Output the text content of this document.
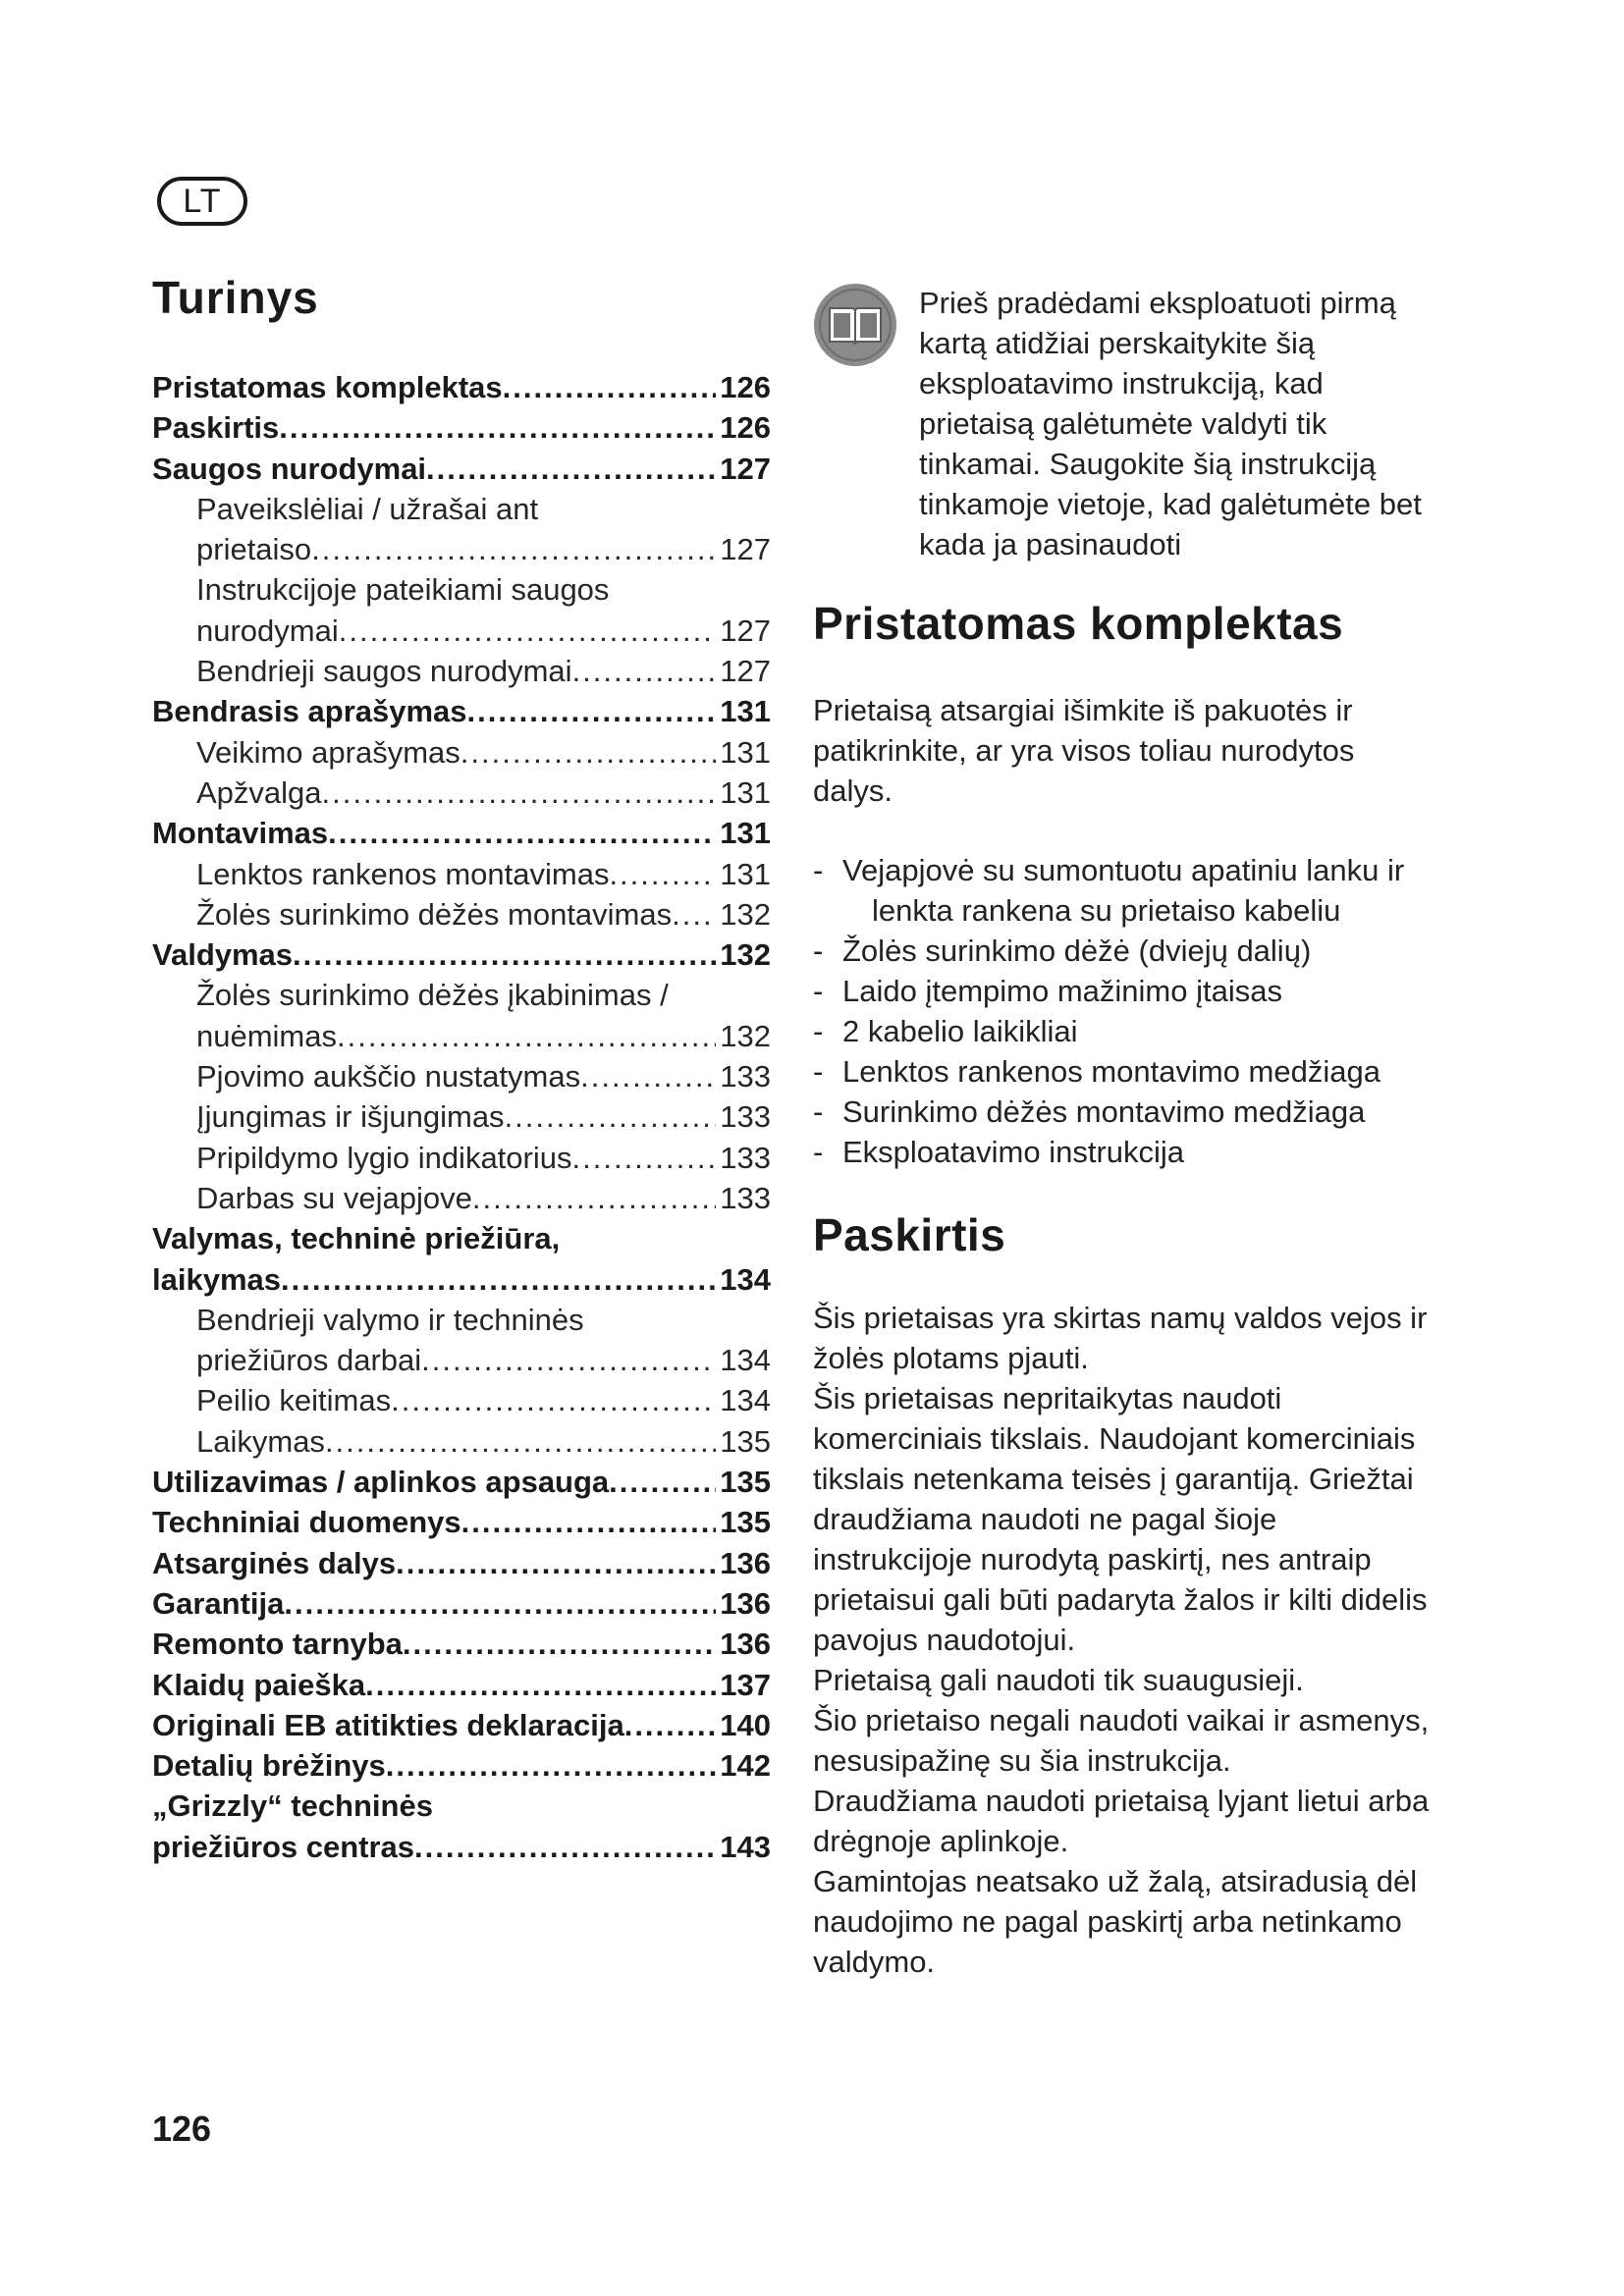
LT
Turinys
Pristatomas komplektas .....	126
Paskirtis .....	126
Saugos nurodymai .....	127
Paveikslėliai / užrašai ant
prietaiso .....	127
Instrukcijoje pateikiami saugos
nurodymai .....	127
Bendrieji saugos nurodymai .....	127
Bendrasis aprašymas .....	131
Veikimo aprašymas .....	131
Apžvalga .....	131
Montavimas .....	131
Lenktos rankenos montavimas .....	131
Žolės surinkimo dėžės montavimas ..... 132
Valdymas .....	132
Žolės surinkimo dėžės įkabinimas /
nuėmimas .....	132
Pjovimo aukščio nustatymas .....	133
Įjungimas ir išjungimas .....	133
Pripildymo lygio indikatorius .....	133
Darbas su vejapjove .....	133
Valymas, techninė priežiūra,
laikymas .....	134
Bendrieji valymo ir techninės
priežiūros darbai .....	134
Peilio keitimas .....	134
Laikymas .....	135
Utilizavimas / aplinkos apsauga .....	135
Techniniai duomenys .....	135
Atsarginės dalys .....	136
Garantija .....	136
Remonto tarnyba .....	136
Klaidų paieška .....	137
Originali EB atitikties deklaracija .....	140
Detalių brėžinys .....	142
„Grizzly“ techninės
priežiūros centras .....	143
126

Prieš pradėdami eksploatuoti pirmą kartą atidžiai perskaitykite šią eksploatavimo instrukciją, kad prietaisą galėtumėte valdyti tik tinkamai. Saugokite šią instrukciją tinkamoje vietoje, kad galėtumėte bet kada ja pasinaudoti

Pristatomas komplektas

Prietaisą atsargiai išimkite iš pakuotės ir patikrinkite, ar yra visos toliau nurodytos dalys.

- Vejapjovė su sumontuotu apatiniu lanku ir lenkta rankena su prietaiso kabeliu
- Žolės surinkimo dėžė (dviejų dalių)
- Laido įtempimo mažinimo įtaisas
- 2 kabelio laikikliai
- Lenktos rankenos montavimo medžiaga
- Surinkimo dėžės montavimo medžiaga
- Eksploatavimo instrukcija
Paskirtis

Šis prietaisas yra skirtas namų valdos vejos ir žolės plotams pjauti.

Šis prietaisas nepritaikytas naudoti komerciniais tikslais. Naudojant komerciniais tikslais netenkama teisės į garantiją. Griežtai draudžiama naudoti ne pagal šioje instrukcijoje nurodytą paskirtį, nes antraip prietaisui gali būti padaryta žalos ir kilti didelis pavojus naudotojui.

Prietaisą gali naudoti tik suaugusieji.

Šio prietaiso negali naudoti vaikai ir asmenys, nesusipažinę su šia instrukcija.

Draudžiama naudoti prietaisą lyjant lietui arba drėgnoje aplinkoje.

Gamintojas neatsako už žalą, atsiradusią dėl naudojimo ne pagal paskirtį arba netinkamo valdymo.
